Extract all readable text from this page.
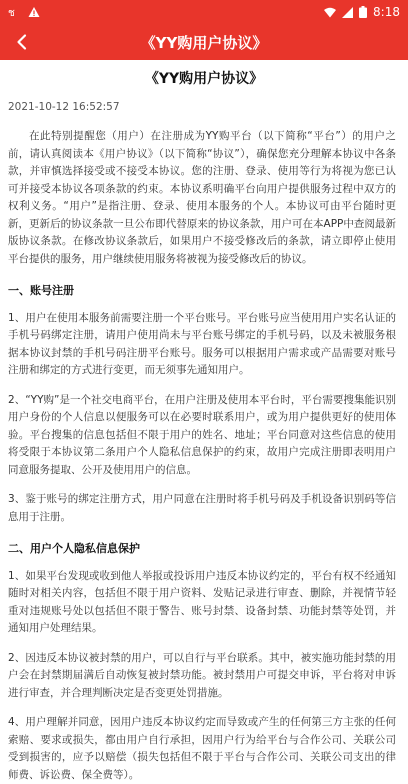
ช	8:18
《YY购用户协议》
《YY购用户协议》
2021-10-12 16:52:57

在此特别提醒您（用户）在注册成为YY购平台（以下简称“平台”）的用户之前，请认真阅读本《用户协议》（以下简称“协议”），确保您充分理解本协议中各条款，并审慎选择接受或不接受本协议。您的注册、登录、使用等行为将视为您已认可并接受本协议各项条款的约束。本协议系明确平台向用户提供服务过程中双方的权利义务。“用户”是指注册、登录、使用本服务的个人。本协议可由平台随时更新，更新后的协议条款一旦公布即代替原来的协议条款，用户可在本APP中查阅最新版协议条款。在修改协议条款后，如果用户不接受修改后的条款，请立即停止使用平台提供的服务，用户继续使用服务将被视为接受修改后的协议。

一、账号注册

1、用户在使用本服务前需要注册一个平台账号。平台账号应当使用用户实名认证的手机号码绑定注册，请用户使用尚未与平台账号绑定的手机号码，以及未被服务根据本协议封禁的手机号码注册平台账号。服务可以根据用户需求或产品需要对账号注册和绑定的方式进行变更，而无须事先通知用户。

2、“YY购”是一个社交电商平台，在用户注册及使用本平台时，平台需要搜集能识别用户身份的个人信息以便服务可以在必要时联系用户，或为用户提供更好的使用体验。平台搜集的信息包括但不限于用户的姓名、地址；平台同意对这些信息的使用将受限于本协议第二条用户个人隐私信息保护的约束，故用户完成注册即表明用户同意服务提取、公开及使用用户的信息。

3、鉴于账号的绑定注册方式，用户同意在注册时将手机号码及手机设备识别码等信息用于注册。

二、用户个人隐私信息保护

1、如果平台发现或收到他人举报或投诉用户违反本协议约定的，平台有权不经通知随时对相关内容，包括但不限于用户资料、发贴记录进行审查、删除，并视情节轻重对违规账号处以包括但不限于警告、账号封禁、设备封禁、功能封禁等处罚，并通知用户处理结果。

2、因违反本协议被封禁的用户，可以自行与平台联系。其中，被实施功能封禁的用户会在封禁期届满后自动恢复被封禁功能。被封禁用户可提交申诉，平台将对申诉进行审查，并合理判断决定是否变更处罚措施。

4、用户理解并同意，因用户违反本协议约定而导致或产生的任何第三方主张的任何索赔、要求或损失，都由用户自行承担，因用户行为给平台与合作公司、关联公司受到损害的，应予以赔偿（损失包括但不限于平台与合作公司、关联公司支出的律师费、诉讼费、保全费等）。
